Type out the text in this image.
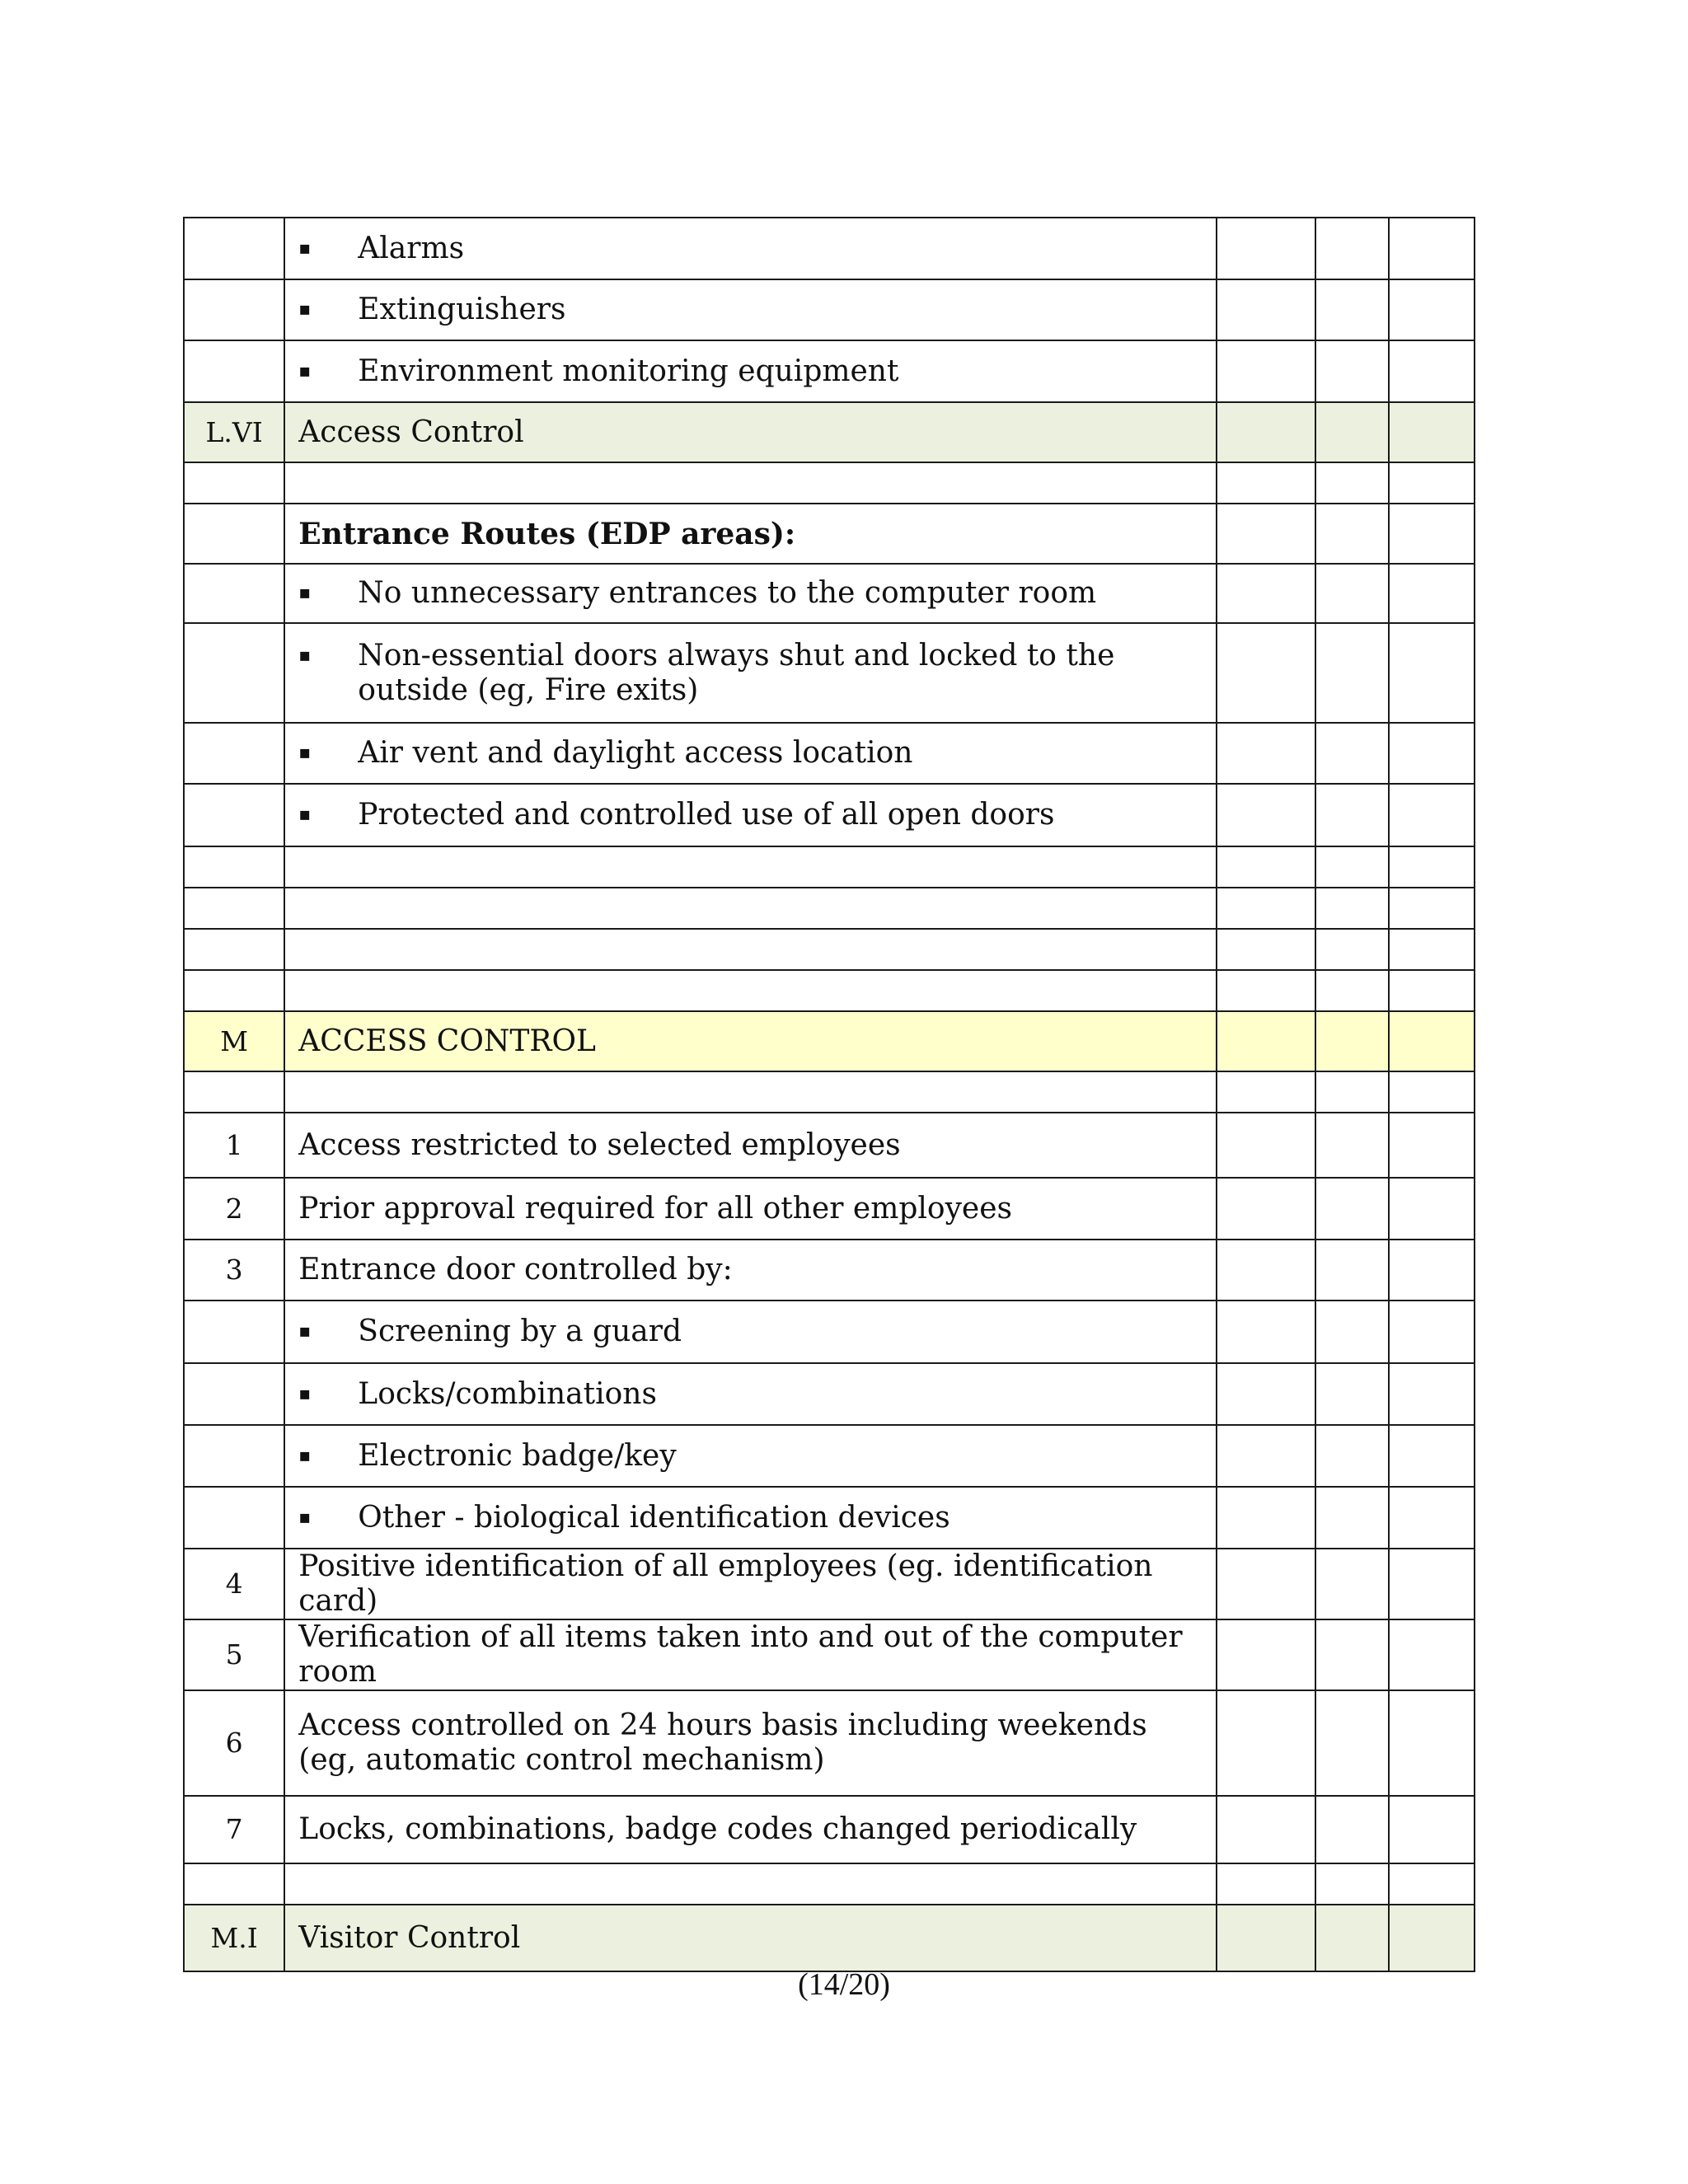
	▪ Alarms			

	▪ Extinguishers			

	▪ Environment monitoring equipment			

L.VI	Access Control			

	Entrance Routes (EDP areas):			

	▪ No unnecessary entrances to the computer room			

	▪ Non-essential doors always shut and locked to the outside (eg, Fire exits)			

	▪ Air vent and daylight access location			

	▪ Protected and controlled use of all open doors			

M	ACCESS CONTROL			

1	Access restricted to selected employees			
2	Prior approval required for all other employees			
3	Entrance door controlled by:			

	▪ Screening by a guard			

	▪ Locks/combinations			

	▪ Electronic badge/key			

	▪ Other - biological identification devices			

4	Positive identification of all employees (eg. identification card)			
5	Verification of all items taken into and out of the computer room			
6	Access controlled on 24 hours basis including weekends (eg, automatic control mechanism)			
7	Locks, combinations, badge codes changed periodically			

M.I	Visitor Control			
(14/20)
